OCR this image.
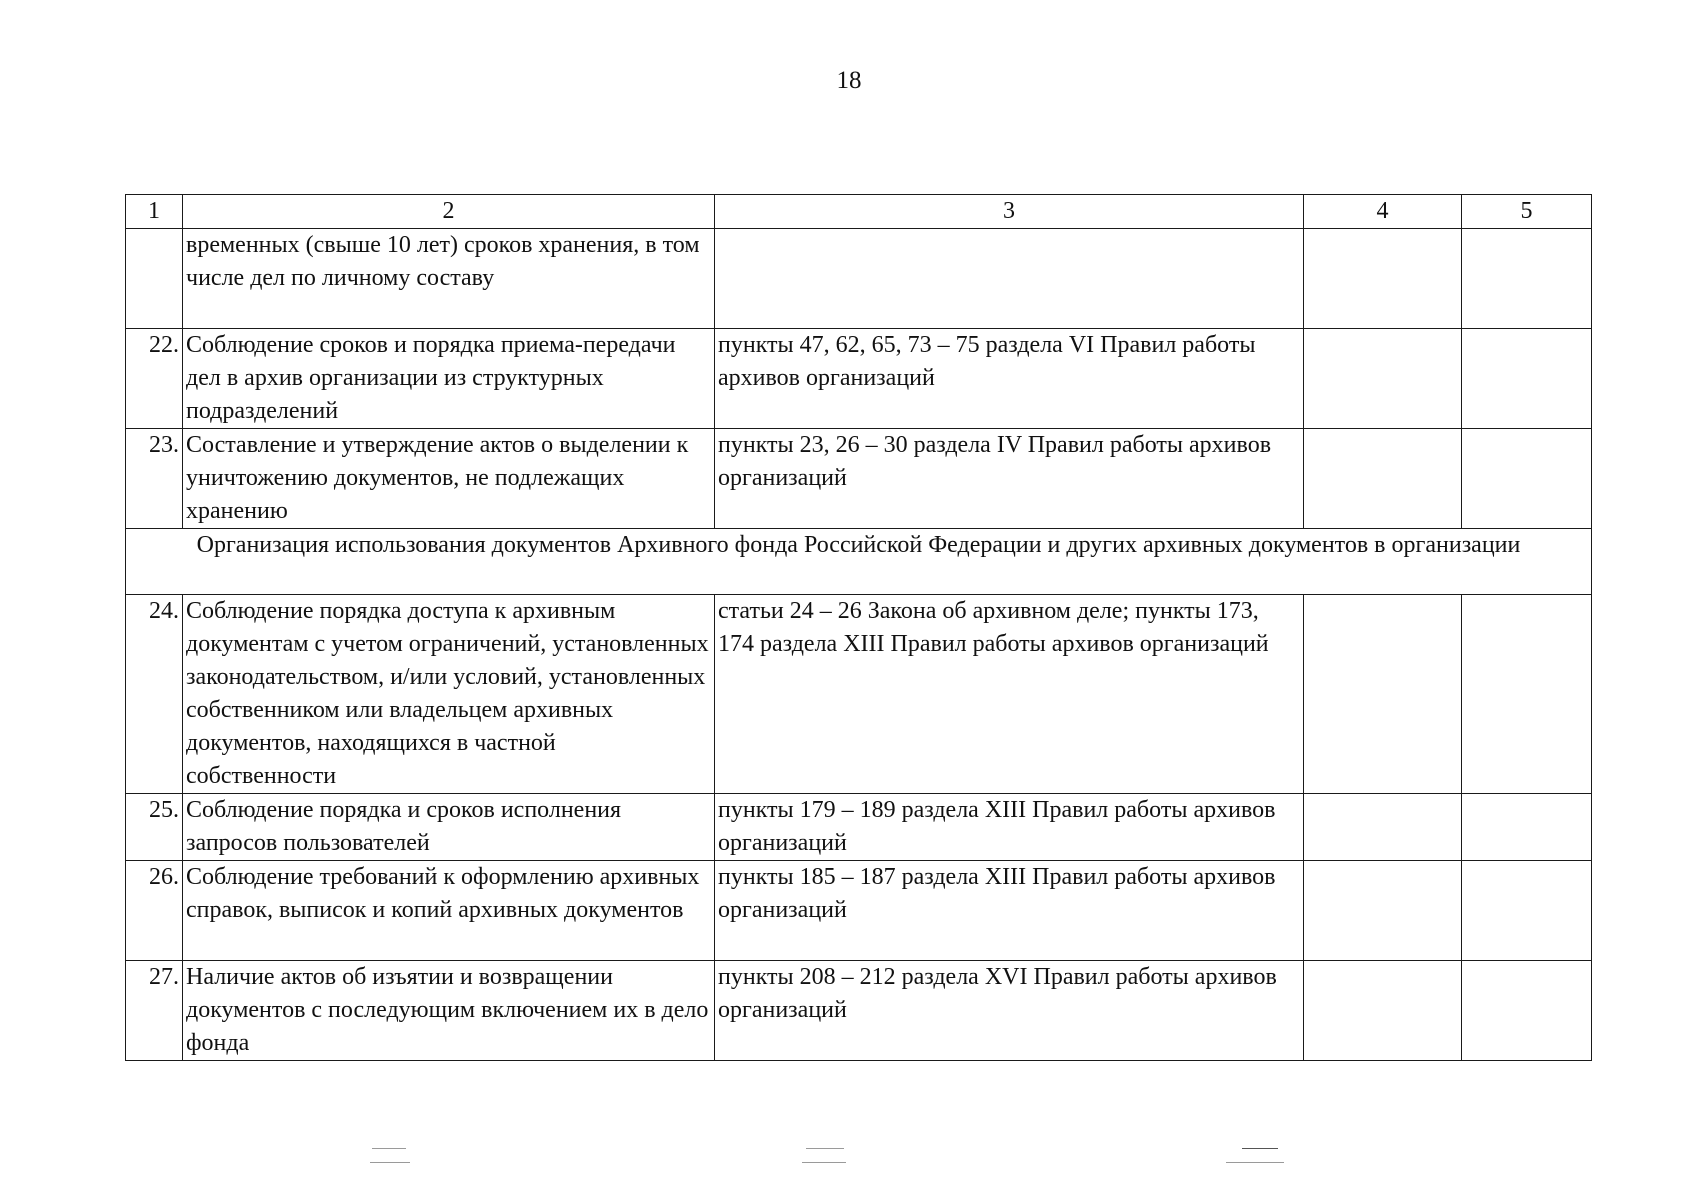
18
1	2	3	4	5
	временных (свыше 10 лет) сроков хранения, в том числе дел по личному составу			
22.	Соблюдение сроков и порядка приема-передачи дел в архив организации из структурных подразделений	пункты 47, 62, 65, 73 – 75 раздела VI Правил работы архивов организаций		
23.	Составление и утверждение актов о выделении к уничтожению документов, не подлежащих хранению	пункты 23, 26 – 30 раздела IV Правил работы архивов организаций		
Организация использования документов Архивного фонда Российской Федерации и других архивных документов в организации				
24.	Соблюдение порядка доступа к архивным документам с учетом ограничений, установленных законодательством, и/или условий, установленных собственником или владельцем архивных документов, находящихся в частной собственности	статьи 24 – 26 Закона об архивном деле; пункты 173, 174 раздела XIII Правил работы архивов организаций		
25.	Соблюдение порядка и сроков исполнения запросов пользователей	пункты 179 – 189 раздела XIII Правил работы архивов организаций		
26.	Соблюдение требований к оформлению архивных справок, выписок и копий архивных документов	пункты 185 – 187 раздела XIII Правил работы архивов организаций		
27.	Наличие актов об изъятии и возвращении документов с последующим включением их в дело фонда	пункты 208 – 212 раздела XVI Правил работы архивов организаций		
